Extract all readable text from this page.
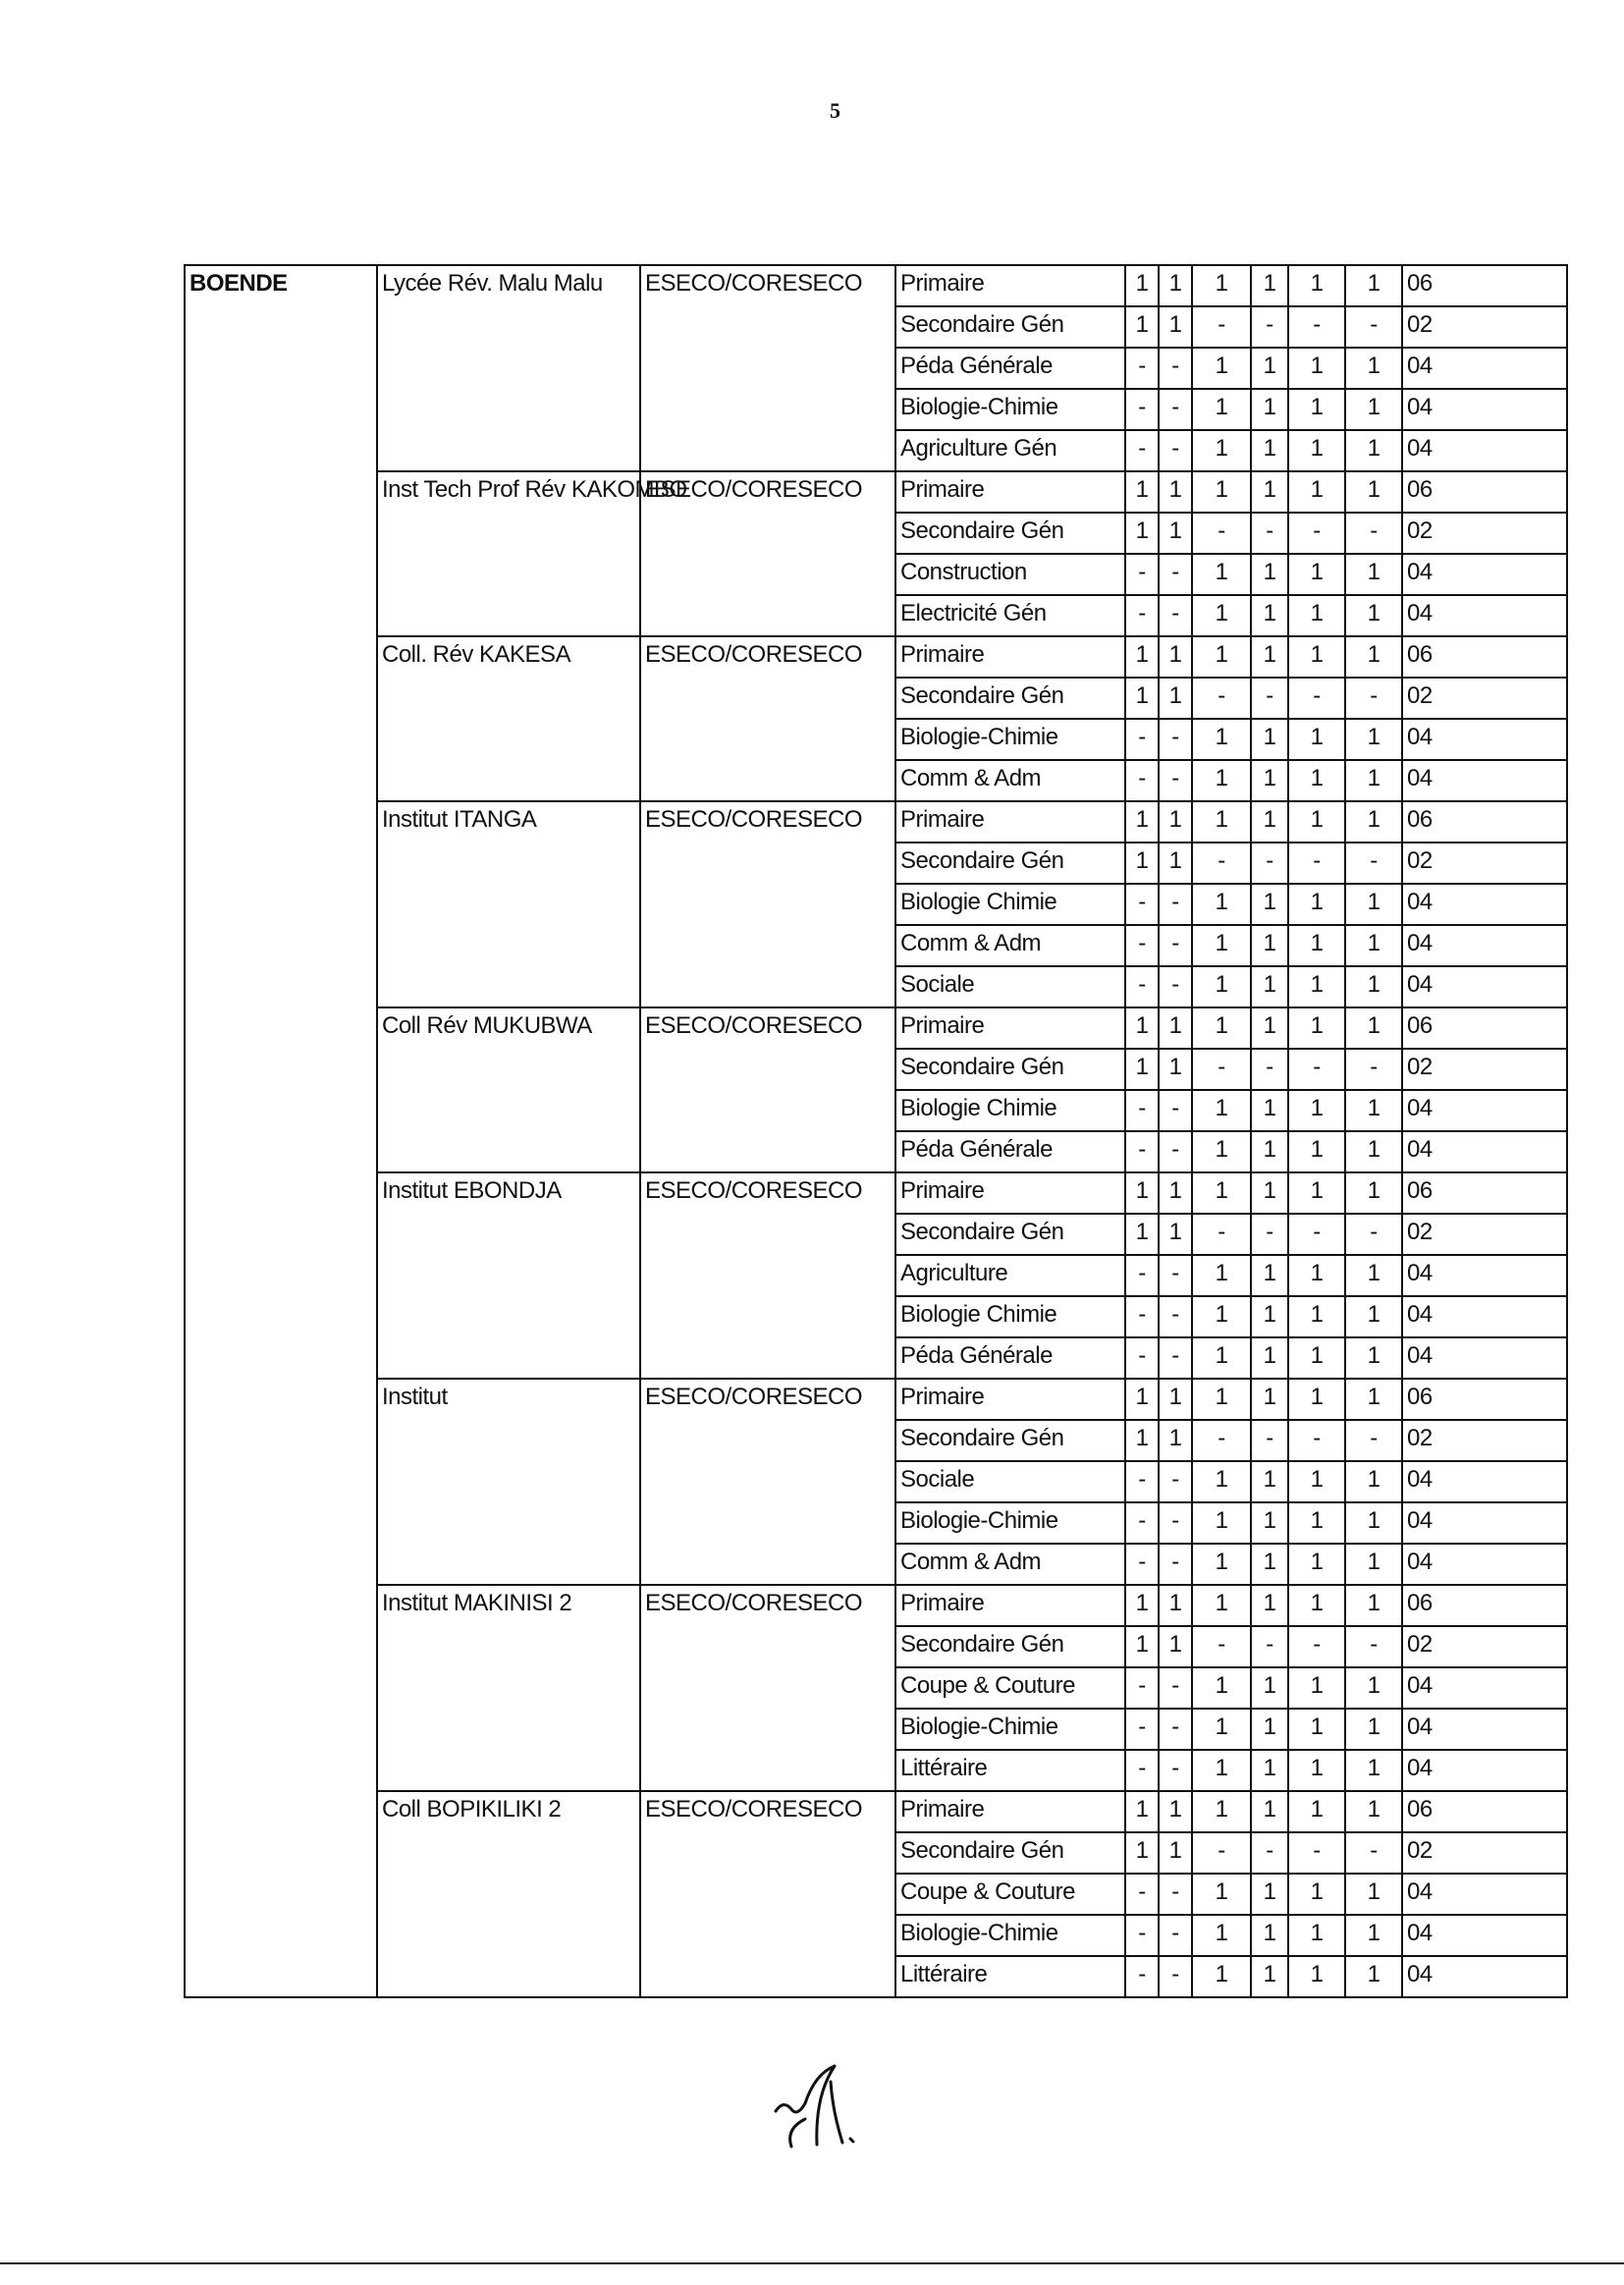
5
BOENDE	Lycée Rév. Malu Malu	ESECO/CORESECO	Primaire	1	1	1	1	1	1	06
			Secondaire Gén	1	1	-	-	-	-	02
			Péda Générale	-	-	1	1	1	1	04
			Biologie-Chimie	-	-	1	1	1	1	04
			Agriculture Gén	-	-	1	1	1	1	04
	Inst Tech Prof Rév KAKOMBO	ESECO/CORESECO	Primaire	1	1	1	1	1	1	06
			Secondaire Gén	1	1	-	-	-	-	02
			Construction	-	-	1	1	1	1	04
			Electricité Gén	-	-	1	1	1	1	04
	Coll. Rév KAKESA	ESECO/CORESECO	Primaire	1	1	1	1	1	1	06
			Secondaire Gén	1	1	-	-	-	-	02
			Biologie-Chimie	-	-	1	1	1	1	04
			Comm & Adm	-	-	1	1	1	1	04
	Institut ITANGA	ESECO/CORESECO	Primaire	1	1	1	1	1	1	06
			Secondaire Gén	1	1	-	-	-	-	02
			Biologie Chimie	-	-	1	1	1	1	04
			Comm & Adm	-	-	1	1	1	1	04
			Sociale	-	-	1	1	1	1	04
	Coll Rév MUKUBWA	ESECO/CORESECO	Primaire	1	1	1	1	1	1	06
			Secondaire Gén	1	1	-	-	-	-	02
			Biologie Chimie	-	-	1	1	1	1	04
			Péda Générale	-	-	1	1	1	1	04
	Institut EBONDJA	ESECO/CORESECO	Primaire	1	1	1	1	1	1	06
			Secondaire Gén	1	1	-	-	-	-	02
			Agriculture	-	-	1	1	1	1	04
			Biologie Chimie	-	-	1	1	1	1	04
			Péda Générale	-	-	1	1	1	1	04
	Institut	ESECO/CORESECO	Primaire	1	1	1	1	1	1	06
			Secondaire Gén	1	1	-	-	-	-	02
			Sociale	-	-	1	1	1	1	04
			Biologie-Chimie	-	-	1	1	1	1	04
			Comm & Adm	-	-	1	1	1	1	04
	Institut MAKINISI 2	ESECO/CORESECO	Primaire	1	1	1	1	1	1	06
			Secondaire Gén	1	1	-	-	-	-	02
			Coupe & Couture	-	-	1	1	1	1	04
			Biologie-Chimie	-	-	1	1	1	1	04
			Littéraire	-	-	1	1	1	1	04
	Coll BOPIKILIKI 2	ESECO/CORESECO	Primaire	1	1	1	1	1	1	06
			Secondaire Gén	1	1	-	-	-	-	02
			Coupe & Couture	-	-	1	1	1	1	04
			Biologie-Chimie	-	-	1	1	1	1	04
			Littéraire	-	-	1	1	1	1	04
